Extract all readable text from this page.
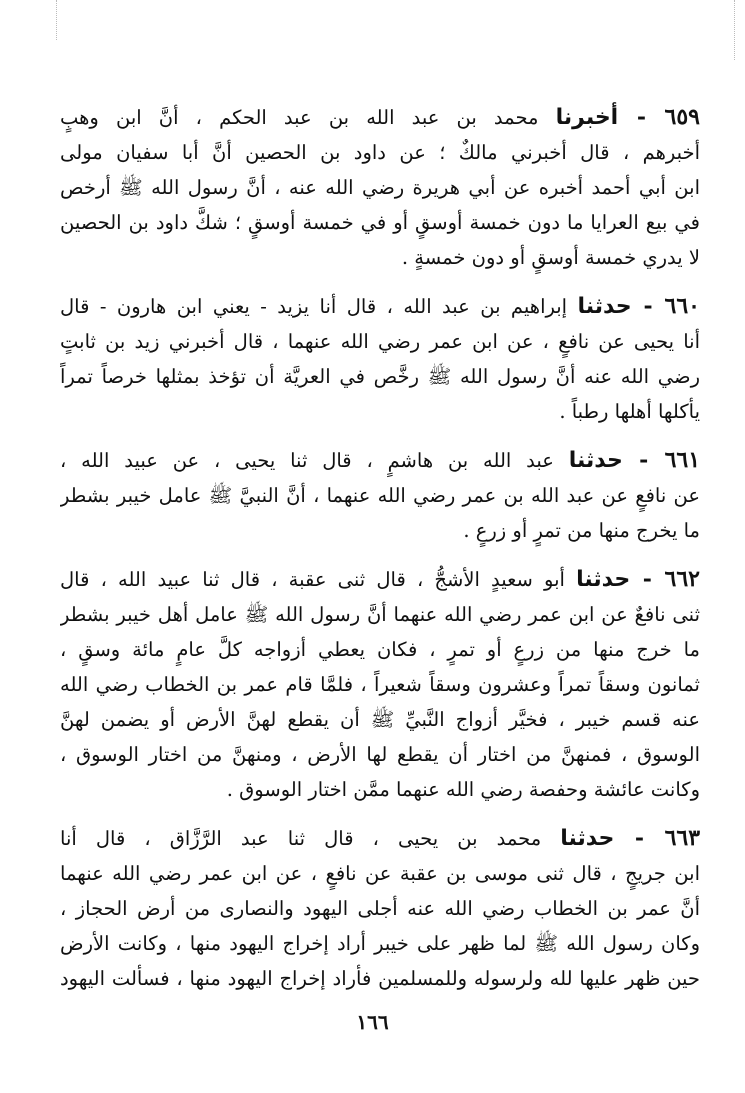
٦٥٩ - أخبرنا محمد بن عبد الله بن عبد الحكم ، أنَّ ابن وهبٍ
أخبرهم ، قال أخبرني مالكٌ ؛ عن داود بن الحصين أنَّ أبا سفيان مولى
ابن أبي أحمد أخبره عن أبي هريرة رضي الله عنه ، أنَّ رسول الله ﷺ أرخص
في بيع العرايا ما دون خمسة أوسقٍ أو في خمسة أوسقٍ ؛ شكَّ داود بن الحصين
لا يدري خمسة أوسقٍ أو دون خمسةٍ .
٦٦٠ - حدثنا إبراهيم بن عبد الله ، قال أنا يزيد - يعني ابن هارون - قال
أنا يحيى عن نافعٍ ، عن ابن عمر رضي الله عنهما ، قال أخبرني زيد بن ثابتٍ
رضي الله عنه أنَّ رسول الله ﷺ رخَّص في العريَّة أن تؤخذ بمثلها خرصاً تمراً
يأكلها أهلها رطباً .
٦٦١ - حدثنا عبد الله بن هاشمٍ ، قال ثنا يحيى ، عن عبيد الله ،
عن نافعٍ عن عبد الله بن عمر رضي الله عنهما ، أنَّ النبيَّ ﷺ عامل خيبر بشطر
ما يخرج منها من تمرٍ أو زرعٍ .
٦٦٢ - حدثنا أبو سعيدٍ الأشجُّ ، قال ثنى عقبة ، قال ثنا عبيد الله ، قال
ثنى نافعٌ عن ابن عمر رضي الله عنهما أنَّ رسول الله ﷺ عامل أهل خيبر بشطر
ما خرج منها من زرعٍ أو تمرٍ ، فكان يعطي أزواجه كلَّ عامٍ مائة وسقٍ ،
ثمانون وسقاً تمراً وعشرون وسقاً شعيراً ، فلمَّا قام عمر بن الخطاب رضي الله
عنه قسم خيبر ، فخيَّر أزواج النَّبيِّ ﷺ أن يقطع لهنَّ الأرض أو يضمن لهنَّ
الوسوق ، فمنهنَّ من اختار أن يقطع لها الأرض ، ومنهنَّ من اختار الوسوق ،
وكانت عائشة وحفصة رضي الله عنهما ممَّن اختار الوسوق .
٦٦٣ - حدثنا محمد بن يحيى ، قال ثنا عبد الرَّزَّاق ، قال أنا
ابن جريجٍ ، قال ثنى موسى بن عقبة عن نافعٍ ، عن ابن عمر رضي الله عنهما
أنَّ عمر بن الخطاب رضي الله عنه أجلى اليهود والنصارى من أرض الحجاز ،
وكان رسول الله ﷺ لما ظهر على خيبر أراد إخراج اليهود منها ، وكانت الأرض
حين ظهر عليها لله ولرسوله وللمسلمين فأراد إخراج اليهود منها ، فسألت اليهود
١٦٦
